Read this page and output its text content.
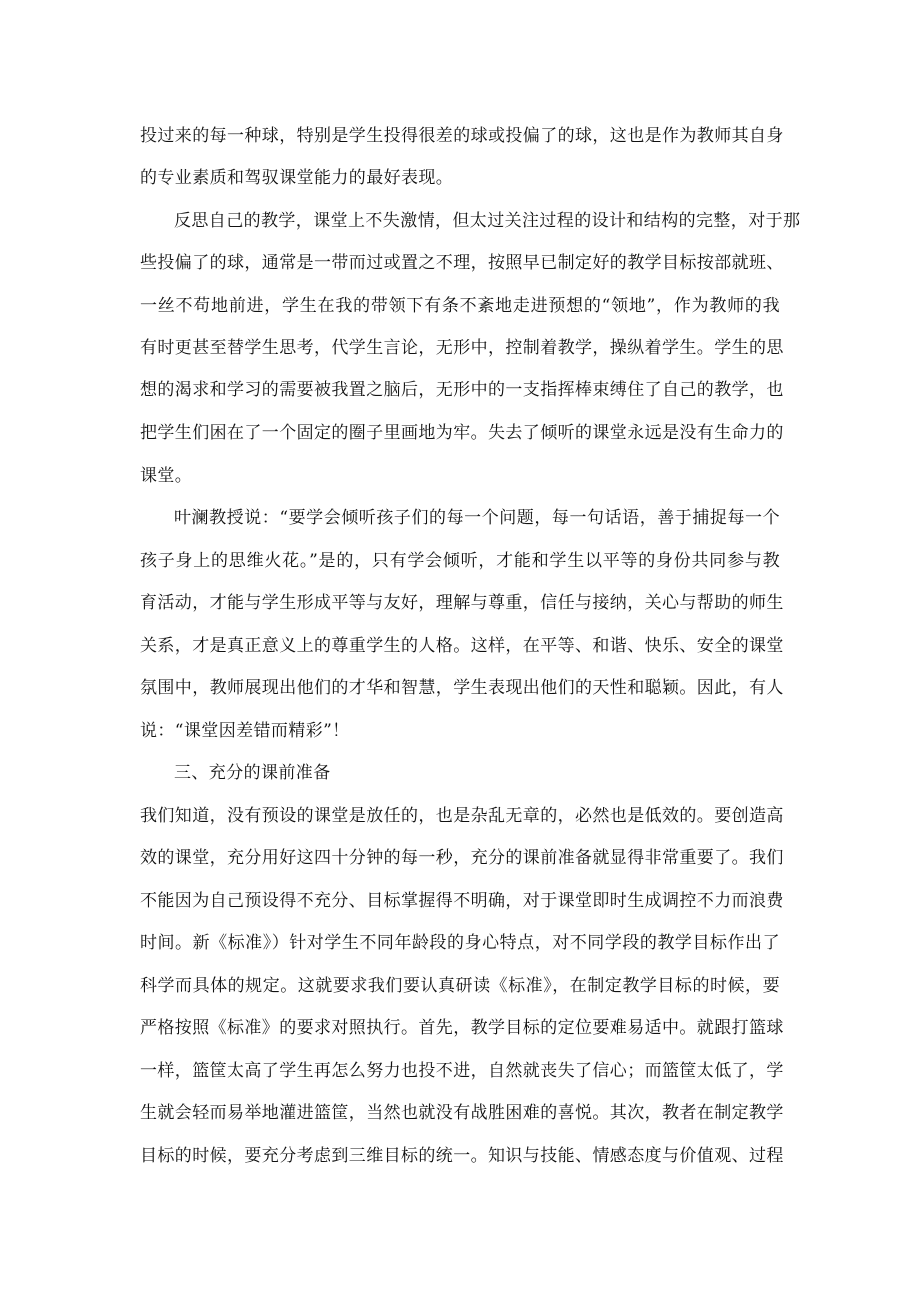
投过来的每一种球，特别是学生投得很差的球或投偏了的球，这也是作为教师其自身
的专业素质和驾驭课堂能力的最好表现。
反思自己的教学，课堂上不失激情，但太过关注过程的设计和结构的完整，对于那
些投偏了的球，通常是一带而过或置之不理，按照早已制定好的教学目标按部就班、
一丝不苟地前进，学生在我的带领下有条不紊地走进预想的“领地”，作为教师的我
有时更甚至替学生思考，代学生言论，无形中，控制着教学，操纵着学生。学生的思
想的渴求和学习的需要被我置之脑后，无形中的一支指挥棒束缚住了自己的教学，也
把学生们困在了一个固定的圈子里画地为牢。失去了倾听的课堂永远是没有生命力的
课堂。
叶澜教授说：“要学会倾听孩子们的每一个问题，每一句话语，善于捕捉每一个
孩子身上的思维火花。”是的，只有学会倾听，才能和学生以平等的身份共同参与教
育活动，才能与学生形成平等与友好，理解与尊重，信任与接纳，关心与帮助的师生
关系，才是真正意义上的尊重学生的人格。这样，在平等、和谐、快乐、安全的课堂
氛围中，教师展现出他们的才华和智慧，学生表现出他们的天性和聪颖。因此，有人
说：“课堂因差错而精彩”！
三、充分的课前准备
我们知道，没有预设的课堂是放任的，也是杂乱无章的，必然也是低效的。要创造高
效的课堂，充分用好这四十分钟的每一秒，充分的课前准备就显得非常重要了。我们
不能因为自己预设得不充分、目标掌握得不明确，对于课堂即时生成调控不力而浪费
时间。新《标准》）针对学生不同年龄段的身心特点，对不同学段的教学目标作出了
科学而具体的规定。这就要求我们要认真研读《标准》，在制定教学目标的时候，要
严格按照《标准》的要求对照执行。首先，教学目标的定位要难易适中。就跟打篮球
一样，篮筐太高了学生再怎么努力也投不进，自然就丧失了信心；而篮筐太低了，学
生就会轻而易举地灌进篮筐，当然也就没有战胜困难的喜悦。其次，教者在制定教学
目标的时候，要充分考虑到三维目标的统一。知识与技能、情感态度与价值观、过程
